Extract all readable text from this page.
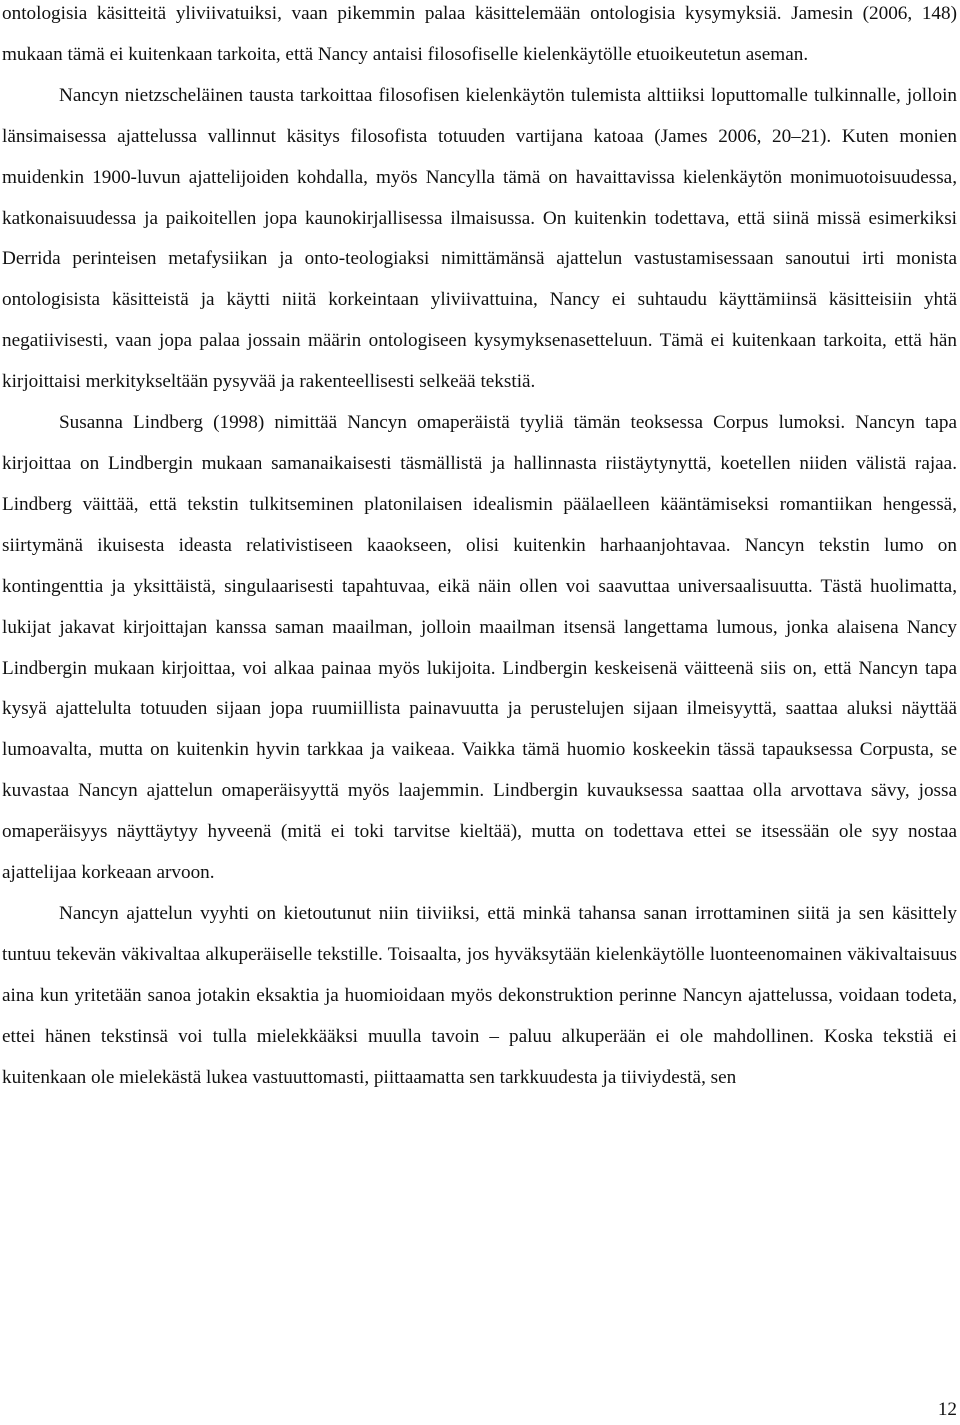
ontologisia käsitteitä yliviivatuiksi, vaan pikemmin palaa käsittelemään ontologisia kysymyksiä. Jamesin (2006, 148) mukaan tämä ei kuitenkaan tarkoita, että Nancy antaisi filosofiselle kielenkäytölle etuoikeutetun aseman.

Nancyn nietzscheläinen tausta tarkoittaa filosofisen kielenkäytön tulemista alttiiksi loputtomalle tulkinnalle, jolloin länsimaisessa ajattelussa vallinnut käsitys filosofista totuuden vartijana katoaa (James 2006, 20–21). Kuten monien muidenkin 1900-luvun ajattelijoiden kohdalla, myös Nancylla tämä on havaittavissa kielenkäytön monimuotoisuudessa, katkonaisuudessa ja paikoitellen jopa kaunokirjallisessa ilmaisussa. On kuitenkin todettava, että siinä missä esimerkiksi Derrida perinteisen metafysiikan ja onto-teologiaksi nimittämänsä ajattelun vastustamisessaan sanoutui irti monista ontologisista käsitteistä ja käytti niitä korkeintaan yliviivattuina, Nancy ei suhtaudu käyttämiinsä käsitteisiin yhtä negatiivisesti, vaan jopa palaa jossain määrin ontologiseen kysymyksenasetteluun. Tämä ei kuitenkaan tarkoita, että hän kirjoittaisi merkitykseltään pysyvää ja rakenteellisesti selkeää tekstiä.

Susanna Lindberg (1998) nimittää Nancyn omaperäistä tyyliä tämän teoksessa Corpus lumoksi. Nancyn tapa kirjoittaa on Lindbergin mukaan samanaikaisesti täsmällistä ja hallinnasta riistäytynyttä, koetellen niiden välistä rajaa. Lindberg väittää, että tekstin tulkitseminen platonilaisen idealismin päälaelleen kääntämiseksi romantiikan hengessä, siirtymänä ikuisesta ideasta relativistiseen kaaokseen, olisi kuitenkin harhaanjohtavaa. Nancyn tekstin lumo on kontingenttia ja yksittäistä, singulaarisesti tapahtuvaa, eikä näin ollen voi saavuttaa universaalisuutta. Tästä huolimatta, lukijat jakavat kirjoittajan kanssa saman maailman, jolloin maailman itsensä langettama lumous, jonka alaisena Nancy Lindbergin mukaan kirjoittaa, voi alkaa painaa myös lukijoita. Lindbergin keskeisenä väitteenä siis on, että Nancyn tapa kysyä ajattelulta totuuden sijaan jopa ruumiillista painavuutta ja perustelujen sijaan ilmeisyyttä, saattaa aluksi näyttää lumoavalta, mutta on kuitenkin hyvin tarkkaa ja vaikeaa. Vaikka tämä huomio koskeekin tässä tapauksessa Corpusta, se kuvastaa Nancyn ajattelun omaperäisyyttä myös laajemmin. Lindbergin kuvauksessa saattaa olla arvottava sävy, jossa omaperäisyys näyttäytyy hyveenä (mitä ei toki tarvitse kieltää), mutta on todettava ettei se itsessään ole syy nostaa ajattelijaa korkeaan arvoon.

Nancyn ajattelun vyyhti on kietoutunut niin tiiviiksi, että minkä tahansa sanan irrottaminen siitä ja sen käsittely tuntuu tekevän väkivaltaa alkuperäiselle tekstille. Toisaalta, jos hyväksytään kielenkäytölle luonteenomainen väkivaltaisuus aina kun yritetään sanoa jotakin eksaktia ja huomioidaan myös dekonstruktion perinne Nancyn ajattelussa, voidaan todeta, ettei hänen tekstinsä voi tulla mielekkääksi muulla tavoin – paluu alkuperään ei ole mahdollinen. Koska tekstiä ei kuitenkaan ole mielekästä lukea vastuuttomasti, piittaamatta sen tarkkuudesta ja tiiviydestä, sen

12
